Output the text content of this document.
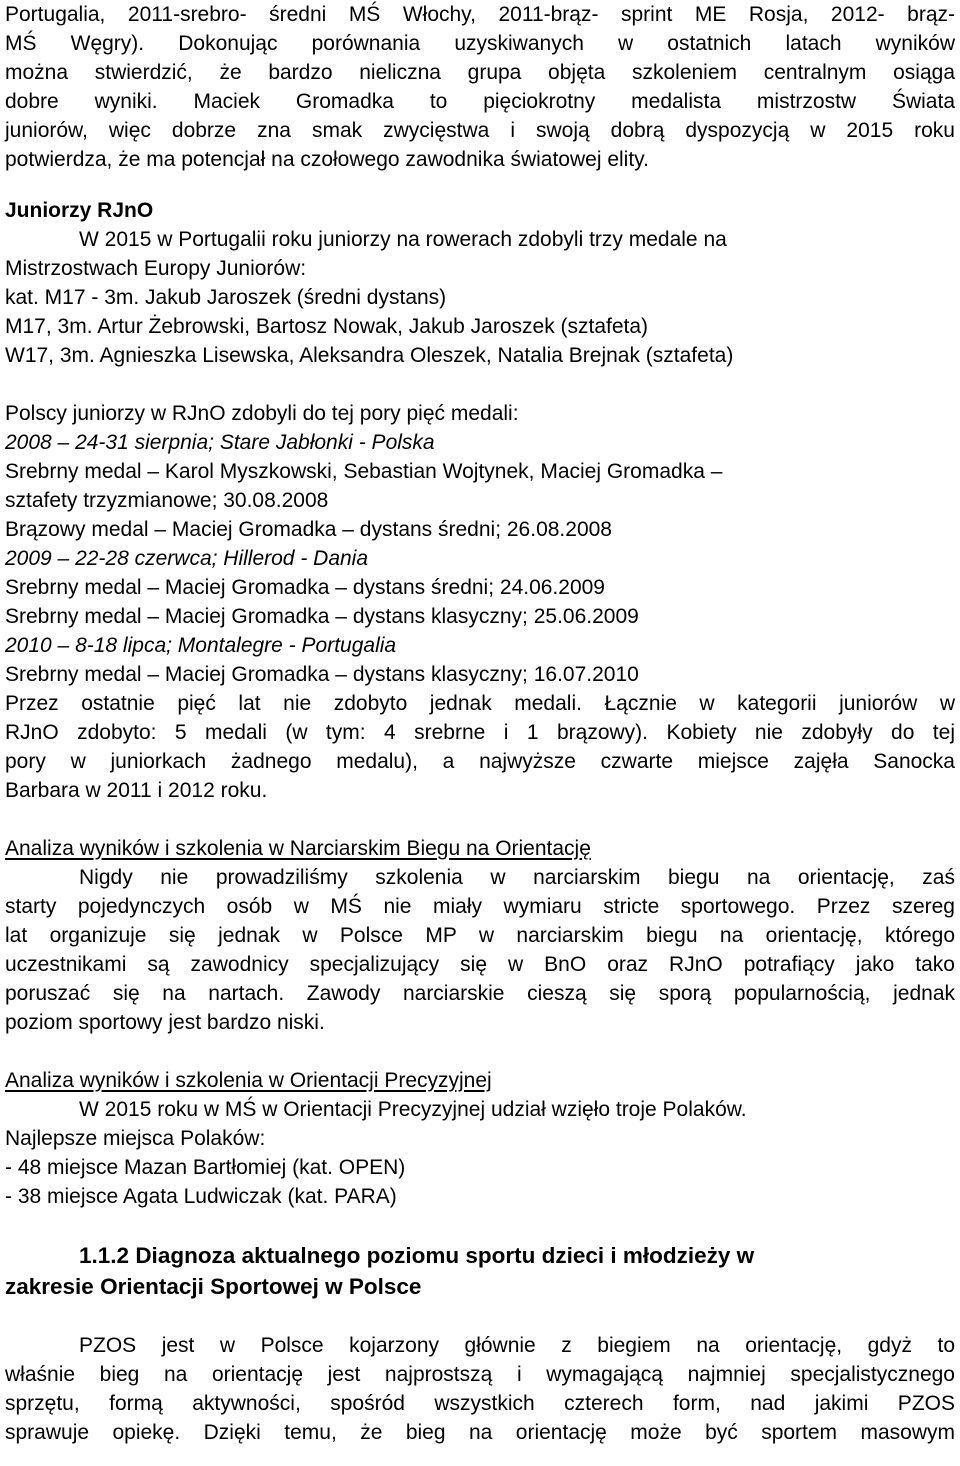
Portugalia, 2011-srebro- średni MŚ Włochy, 2011-brąz- sprint ME Rosja, 2012- brąz-

MŚ Węgry). Dokonując porównania uzyskiwanych w ostatnich latach wyników

można stwierdzić, że bardzo nieliczna grupa objęta szkoleniem centralnym osiąga

dobre wyniki. Maciek Gromadka to pięciokrotny medalista mistrzostw Świata

juniorów, więc dobrze zna smak zwycięstwa i swoją dobrą dyspozycją w 2015 roku

potwierdza, że ma potencjał na czołowego zawodnika światowej elity.

Juniorzy RJnO

W 2015 w Portugalii roku juniorzy na rowerach zdobyli trzy medale na

Mistrzostwach Europy Juniorów:

kat. M17 - 3m. Jakub Jaroszek (średni dystans)

M17, 3m. Artur Żebrowski, Bartosz Nowak, Jakub Jaroszek (sztafeta)

W17, 3m. Agnieszka Lisewska, Aleksandra Oleszek, Natalia Brejnak (sztafeta)

Polscy juniorzy w RJnO zdobyli do tej pory pięć medali:

2008 – 24-31 sierpnia; Stare Jabłonki - Polska

Srebrny medal – Karol Myszkowski, Sebastian Wojtynek, Maciej Gromadka –

sztafety trzyzmianowe; 30.08.2008

Brązowy medal – Maciej Gromadka – dystans średni; 26.08.2008

2009 – 22-28 czerwca; Hillerod - Dania

Srebrny medal – Maciej Gromadka – dystans średni; 24.06.2009

Srebrny medal – Maciej Gromadka – dystans klasyczny; 25.06.2009

2010 – 8-18 lipca; Montalegre - Portugalia

Srebrny medal – Maciej Gromadka – dystans klasyczny; 16.07.2010

Przez ostatnie pięć lat nie zdobyto jednak medali. Łącznie w kategorii juniorów w

RJnO zdobyto: 5 medali (w tym: 4 srebrne i 1 brązowy). Kobiety nie zdobyły do tej

pory w juniorkach żadnego medalu), a najwyższe czwarte miejsce zajęła Sanocka

Barbara w 2011 i 2012 roku.

Analiza wyników i szkolenia w Narciarskim Biegu na Orientację

Nigdy nie prowadziliśmy szkolenia w narciarskim biegu na orientację, zaś

starty pojedynczych osób w MŚ nie miały wymiaru stricte sportowego. Przez szereg

lat organizuje się jednak w Polsce MP w narciarskim biegu na orientację, którego

uczestnikami są zawodnicy specjalizujący się w BnO oraz RJnO potrafiący jako tako

poruszać się na nartach. Zawody narciarskie cieszą się sporą popularnością, jednak

poziom sportowy jest bardzo niski.

Analiza wyników i szkolenia w Orientacji Precyzyjnej

W 2015 roku w MŚ w Orientacji Precyzyjnej udział wzięło troje Polaków.

Najlepsze miejsca Polaków:

- 48 miejsce Mazan Bartłomiej (kat. OPEN)

- 38 miejsce Agata Ludwiczak (kat. PARA)

1.1.2 Diagnoza aktualnego poziomu sportu dzieci i młodzieży w

zakresie Orientacji Sportowej w Polsce

PZOS jest w Polsce kojarzony głównie z biegiem na orientację, gdyż to

właśnie bieg na orientację jest najprostszą i wymagającą najmniej specjalistycznego

sprzętu, formą aktywności, spośród wszystkich czterech form, nad jakimi PZOS

sprawuje opiekę. Dzięki temu, że bieg na orientację może być sportem masowym
